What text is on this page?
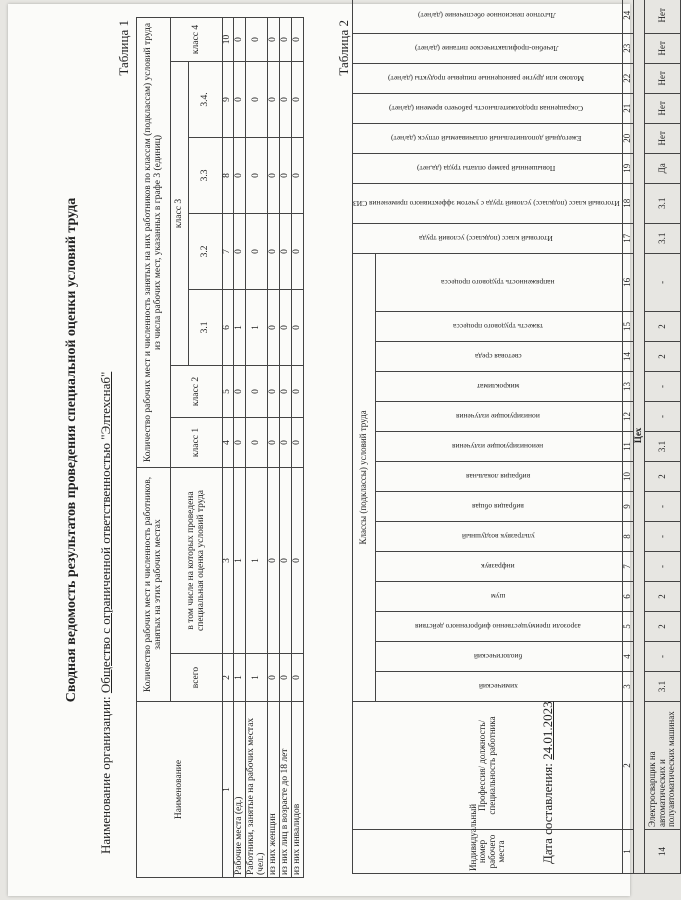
Сводная ведомость результатов проведения специальной оценки условий труда
Наименование организации: Общество с ограниченной ответственностью "Элтехснаб"
Таблица 1
Наименование	Количество рабочих мест и численность работников, занятых на этих рабочих местах		Количество рабочих мест и численность занятых на них работников по классам (подклассам) условий труда из числа рабочих мест, указанных в графе 3 (единиц)						
	всего	в том числе на которых проведена специальная оценка условий труда	класс 1	класс 2	класс 3				класс 4
					3.1	3.2	3.3	3.4.	
1	2	3	4	5	6	7	8	9	10
Рабочие места (ед.)	1	1	0	0	1	0	0	0	0
Работники, занятые на рабочих местах (чел.)	1	1	0	0	1	0	0	0	0
из них женщин	0	0	0	0	0	0	0	0	0
из них лиц в возрасте до 18 лет	0	0	0	0	0	0	0	0	0
из них инвалидов	0	0	0	0	0	0	0	0	0	Таблица 2
Индивидуальный номер рабочего места	Профессия/ должность/ специальность работника	Классы (подклассы) условий труда														Итоговый класс (подкласс) условий труда	Итоговый класс (подкласс) условий труда с учетом эффективного применения СИЗ	Повышенный размер оплаты труда (да,нет)	Ежегодный дополнительный оплачиваемый отпуск (да/нет)	Сокращенная продолжительность рабочего времени (да/нет)	Молоко или другие равноценные пищевые продукты (да/нет)	Лечебно-профилактическое питание (да/нет)	Льготное пенсионное обеспечение (да/нет)
		химический	биологический	аэрозоли преимущественно фиброгенного действия	шум	инфразвук	ультразвук воздушный	вибрация общая	вибрация локальная	неионизирующие излучения	ионизирующие излучения	микроклимат	световая среда	тяжесть трудового процесса	напряженность трудового процесса								
1	2	3	4	5	6	7	8	9	10	11	12	13	14	15	16	17	18	19	20	21	22	23	24
Цех																							
14	Электросварщик на автоматических и полуавтоматических машинах	3.1	-	2	2	-	-	-	2	3.1	-	-	2	2	-	3.1	3.1	Да	Нет	Нет	Нет	Нет	Нет
Дата составления: 24.01.2023
